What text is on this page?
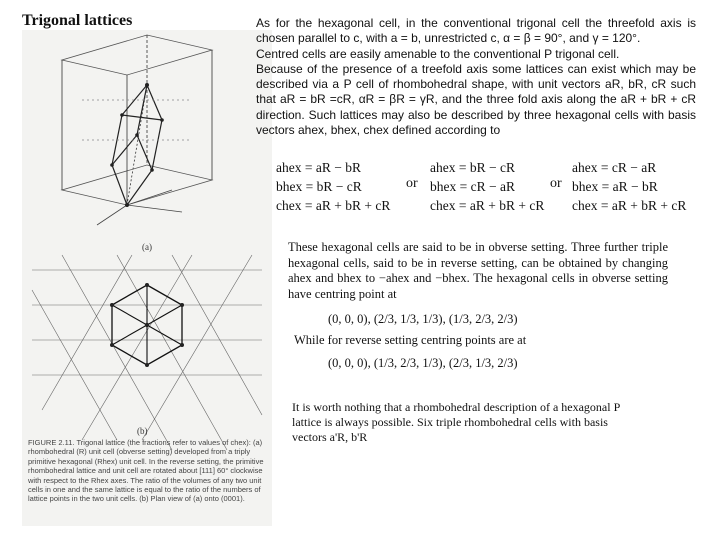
Trigonal lattices
(a)
(b)
FIGURE 2.11. Trigonal lattice (the fractions refer to values of chex): (a) rhombohedral (R) unit cell (obverse setting) developed from a triply primitive hexagonal (Rhex) unit cell. In the reverse setting, the primitive rhombohedral lattice and unit cell are rotated about [111] 60° clockwise with respect to the Rhex axes. The ratio of the volumes of any two unit cells in one and the same lattice is equal to the ratio of the numbers of lattice points in the two unit cells. (b) Plan view of (a) onto (0001).

As for the hexagonal cell, in the conventional trigonal cell the threefold axis is chosen parallel to c, with a = b, unrestricted c, α = β = 90°, and γ = 120°.

Centred cells are easily amenable to the conventional P trigonal cell.

Because of the presence of a treefold axis some lattices can exist which may be described via a P cell of rhombohedral shape, with unit vectors aR, bR, cR such that aR = bR =cR, αR = βR = γR, and the three fold axis along the aR + bR + cR direction. Such lattices may also be described by three hexagonal cells with basis vectors ahex, bhex, chex defined according to

ahex = aR − bR
bhex = bR − cR
chex = aR + bR + cR
or
ahex = bR − cR
bhex = cR − aR
chex = aR + bR + cR
or
ahex = cR − aR
bhex = aR − bR
chex = aR + bR + cR
These hexagonal cells are said to be in obverse setting. Three further triple hexagonal cells, said to be in reverse setting, can be obtained by changing ahex and bhex to −ahex and −bhex. The hexagonal cells in obverse setting have centring point at
(0, 0, 0), (2/3, 1/3, 1/3), (1/3, 2/3, 2/3)
While for reverse setting centring points are at
(0, 0, 0), (1/3, 2/3, 1/3), (2/3, 1/3, 2/3)
It is worth nothing that a rhombohedral description of a hexagonal P lattice is always possible. Six triple rhombohedral cells with basis vectors a'R, b'R
